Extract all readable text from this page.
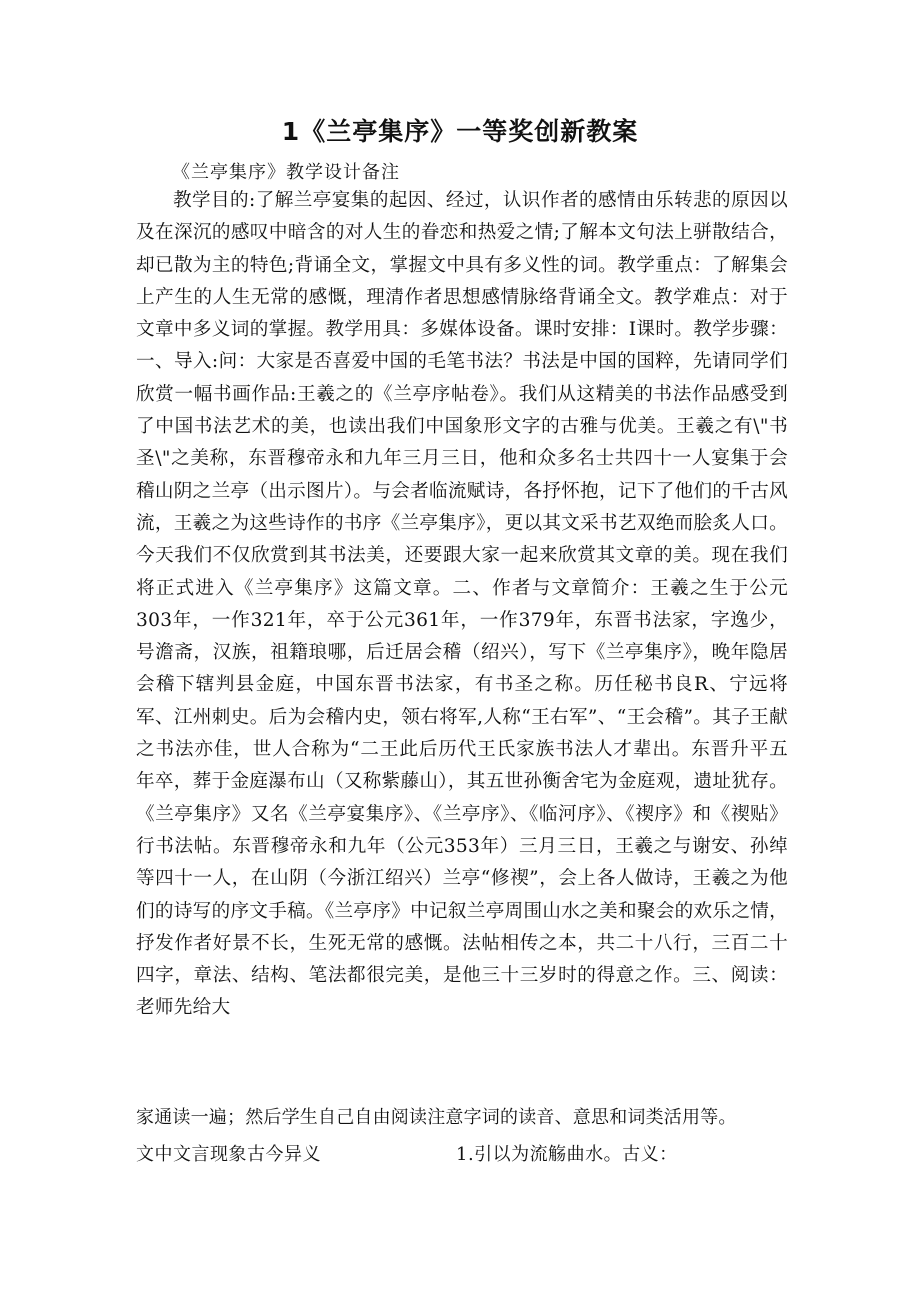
1《兰亭集序》一等奖创新教案
《兰亭集序》教学设计备注

教学目的:了解兰亭宴集的起因、经过，认识作者的感情由乐转悲的原因以及在深沉的感叹中暗含的对人生的眷恋和热爱之情;了解本文句法上骈散结合，却已散为主的特色;背诵全文，掌握文中具有多义性的词。教学重点：了解集会上产生的人生无常的感慨，理清作者思想感情脉络背诵全文。教学难点：对于文章中多义词的掌握。教学用具：多媒体设备。课时安排：I课时。教学步骤：一、导入:问：大家是否喜爱中国的毛笔书法？书法是中国的国粹，先请同学们欣赏一幅书画作品:王羲之的《兰亭序帖卷》。我们从这精美的书法作品感受到了中国书法艺术的美，也读出我们中国象形文字的古雅与优美。王羲之有\"书圣\"之美称，东晋穆帝永和九年三月三日，他和众多名士共四十一人宴集于会稽山阴之兰亭（出示图片）。与会者临流赋诗，各抒怀抱，记下了他们的千古风流，王羲之为这些诗作的书序《兰亭集序》，更以其文采书艺双绝而脍炙人口。今天我们不仅欣赏到其书法美，还要跟大家一起来欣赏其文章的美。现在我们将正式进入《兰亭集序》这篇文章。二、作者与文章简介：王羲之生于公元303年，一作321年，卒于公元361年，一作379年，东晋书法家，字逸少，号澹斋，汉族，祖籍琅哪，后迁居会稽（绍兴），写下《兰亭集序》，晚年隐居会稽下辖判县金庭，中国东晋书法家，有书圣之称。历任秘书良R、宁远将军、江州刺史。后为会稽内史，领右将军,人称“王右军”、“王会稽”。其子王献之书法亦佳，世人合称为“二王此后历代王氏家族书法人才辈出。东晋升平五年卒，葬于金庭瀑布山（又称紫藤山），其五世孙衡舍宅为金庭观，遗址犹存。《兰亭集序》又名《兰亭宴集序》、《兰亭序》、《临河序》、《禊序》和《禊贴》行书法帖。东晋穆帝永和九年（公元353年）三月三日，王羲之与谢安、孙绰等四十一人，在山阴（今浙江绍兴）兰亭“修禊”，会上各人做诗，王羲之为他们的诗写的序文手稿。《兰亭序》中记叙兰亭周围山水之美和聚会的欢乐之情，抒发作者好景不长，生死无常的感慨。法帖相传之本，共二十八行，三百二十四字，章法、结构、笔法都很完美，是他三十三岁时的得意之作。三、阅读：老师先给大

家通读一遍；然后学生自己自由阅读注意字词的读音、意思和词类活用等。
文中文言现象古今异义	1.引以为流觞曲水。古义：
